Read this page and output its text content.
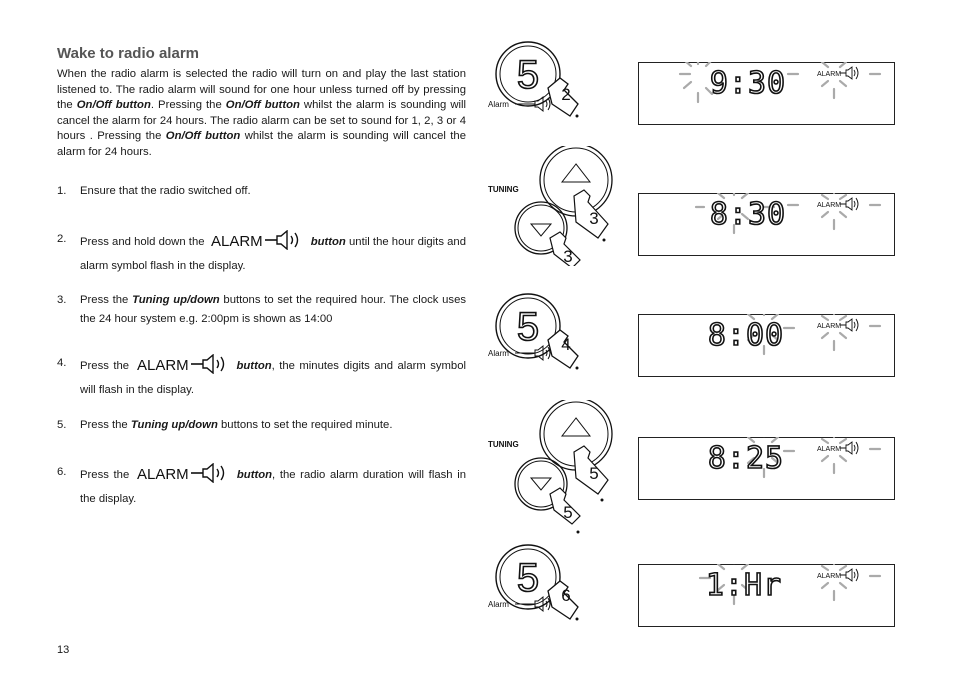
Wake to radio alarm

When the radio alarm is selected the radio will turn on and play the last station listened to. The radio alarm will sound for one hour unless turned off by pressing the On/Off button. Pressing the On/Off button whilst the alarm is sounding will cancel the alarm for 24 hours. The radio alarm can be set to sound for 1, 2, 3 or 4 hours . Pressing the On/Off button whilst the alarm is sounding will cancel the alarm for 24 hours.

1. Ensure that the radio switched off.
2. Press and hold down the ALARM	button until the hour digits and alarm symbol flash in the display.
3. Press the Tuning up/down buttons to set the required hour. The clock uses the 24 hour system e.g. 2:00pm is shown as 14:00
4. Press the ALARM	button, the minutes digits and alarm symbol will flash in the display.
5. Press the Tuning up/down buttons to set the required minute.
6. Press the ALARM	button, the radio alarm duration will flash in the display.
5 2
Alarm
9:30	ALARM
TUNING
3
3
8:30	ALARM
5 4
Alarm
8:00	ALARM
TUNING
5
5
8:25	ALARM
5 6
Alarm
1:Hr	ALARM
13
